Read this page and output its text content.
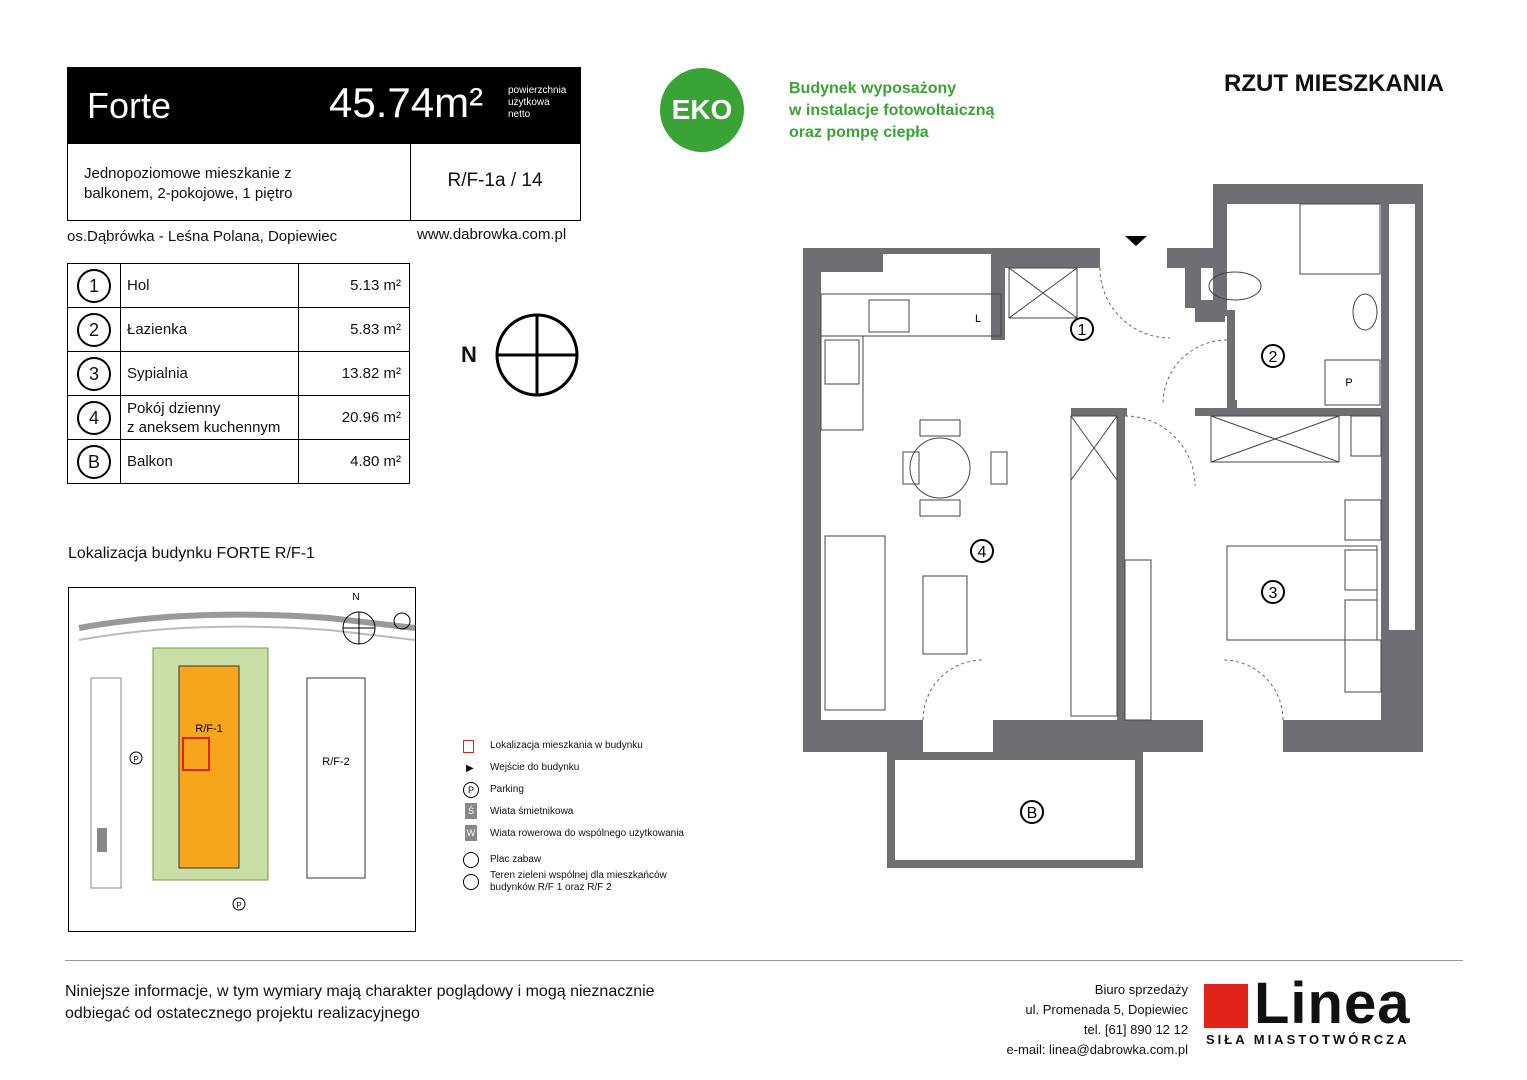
Forte	45.74m² powierzchnia
użytkowa
netto
Jednopoziomowe mieszkanie z
balkonem, 2-pokojowe, 1 piętro
R/F-1a / 14
os.Dąbrówka - Leśna Polana, Dopiewiec	www.dabrowka.com.pl
1	Hol	5.13 m²
2	Łazienka	5.83 m²
3	Sypialnia	13.82 m²
4	Pokój dzienny
z aneksem kuchennym	20.96 m²
B	Balkon	4.80 m²
N
EKO
Budynek wyposażony
w instalacje fotowoltaiczną
oraz pompę ciepła
RZUT MIESZKANIA
1
2
3
4
B
L
P
Lokalizacja budynku FORTE R/F-1
R/F-1
R/F-2
N
P
P
Lokalizacja mieszkania w budynku
▶ Wejście do budynku
P	Parking
Ś	Wiata śmietnikowa
W Wiata rowerowa do wspólnego użytkowania
Plac zabaw
Teren zieleni wspólnej dla mieszkańców
budynków R/F 1 oraz R/F 2
Niniejsze informacje, w tym wymiary mają charakter poglądowy i mogą nieznacznie
odbiegać od ostatecznego projektu realizacyjnego
Biuro sprzedaży
ul. Promenada 5, Dopiewiec
tel. [61] 890 12 12
e-mail: linea@dabrowka.com.pl
Linea
SIŁA MIASTOTWÓRCZA
